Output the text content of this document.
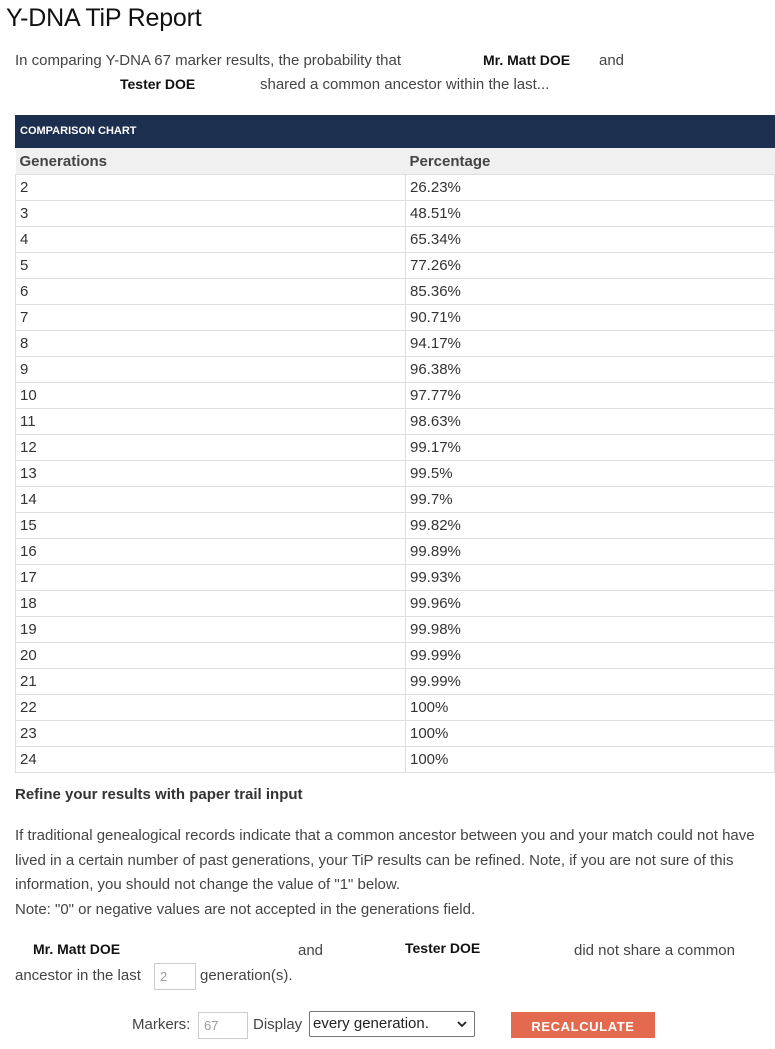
Y-DNA TiP Report
In comparing Y-DNA 67 marker results, the probability that	Mr. Matt DOE and
Tester DOE	shared a common ancestor within the last...
COMPARISON CHART
Generations	Percentage
2	26.23%
3	48.51%
4	65.34%
5	77.26%
6	85.36%
7	90.71%
8	94.17%
9	96.38%
10	97.77%
11	98.63%
12	99.17%
13	99.5%
14	99.7%
15	99.82%
16	99.89%
17	99.93%
18	99.96%
19	99.98%
20	99.99%
21	99.99%
22	100%
23	100%
24	100%
Refine your results with paper trail input
If traditional genealogical records indicate that a common ancestor between you and your match could not have lived in a certain number of past generations, your TiP results can be refined. Note, if you are not sure of this information, you should not change the value of "1" below.
Note: "0" or negative values are not accepted in the generations field.
Mr. Matt DOE	and	Tester DOE	did not share a common
ancestor in the last
2	generation(s).
Markers:
67	Display every generation.	RECALCULATE
